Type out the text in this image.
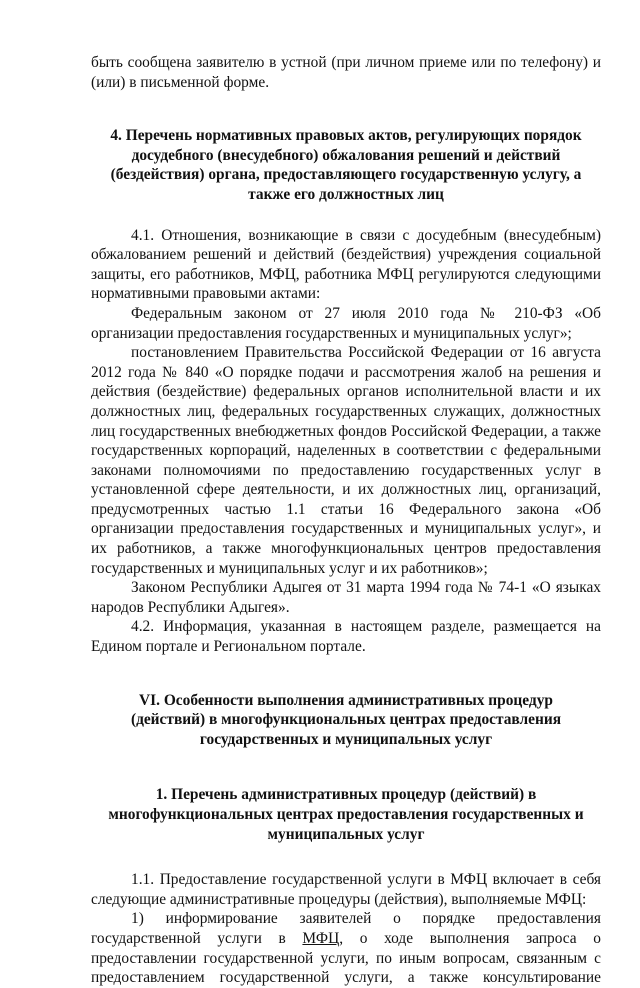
быть сообщена заявителю в устной (при личном приеме или по телефону) и (или) в письменной форме.

4. Перечень нормативных правовых актов, регулирующих порядок
досудебного (внесудебного) обжалования решений и действий
(бездействия) органа, предоставляющего государственную услугу, а
также его должностных лиц

4.1. Отношения, возникающие в связи с досудебным (внесудебным) обжалованием решений и действий (бездействия) учреждения социальной защиты, его работников, МФЦ, работника МФЦ регулируются следующими нормативными правовыми актами:

Федеральным законом от 27 июля 2010 года № 210-ФЗ «Об организации предоставления государственных и муниципальных услуг»;

постановлением Правительства Российской Федерации от 16 августа 2012 года № 840 «О порядке подачи и рассмотрения жалоб на решения и действия (бездействие) федеральных органов исполнительной власти и их должностных лиц, федеральных государственных служащих, должностных лиц государственных внебюджетных фондов Российской Федерации, а также государственных корпораций, наделенных в соответствии с федеральными законами полномочиями по предоставлению государственных услуг в установленной сфере деятельности, и их должностных лиц, организаций, предусмотренных частью 1.1 статьи 16 Федерального закона «Об организации предоставления государственных и муниципальных услуг», и их работников, а также многофункциональных центров предоставления государственных и муниципальных услуг и их работников»;

Законом Республики Адыгея от 31 марта 1994 года № 74-1 «О языках народов Республики Адыгея».

4.2. Информация, указанная в настоящем разделе, размещается на Едином портале и Региональном портале.

VI. Особенности выполнения административных процедур
(действий) в многофункциональных центрах предоставления
государственных и муниципальных услуг

1. Перечень административных процедур (действий) в
многофункциональных центрах предоставления государственных и
муниципальных услуг

1.1. Предоставление государственной услуги в МФЦ включает в себя следующие административные процедуры (действия), выполняемые МФЦ:

1) информирование заявителей о порядке предоставления

государственной услуги в МФЦ, о ходе выполнения запроса о

предоставлении государственной услуги, по иным вопросам, связанным с

предоставлением государственной услуги, а также консультирование
